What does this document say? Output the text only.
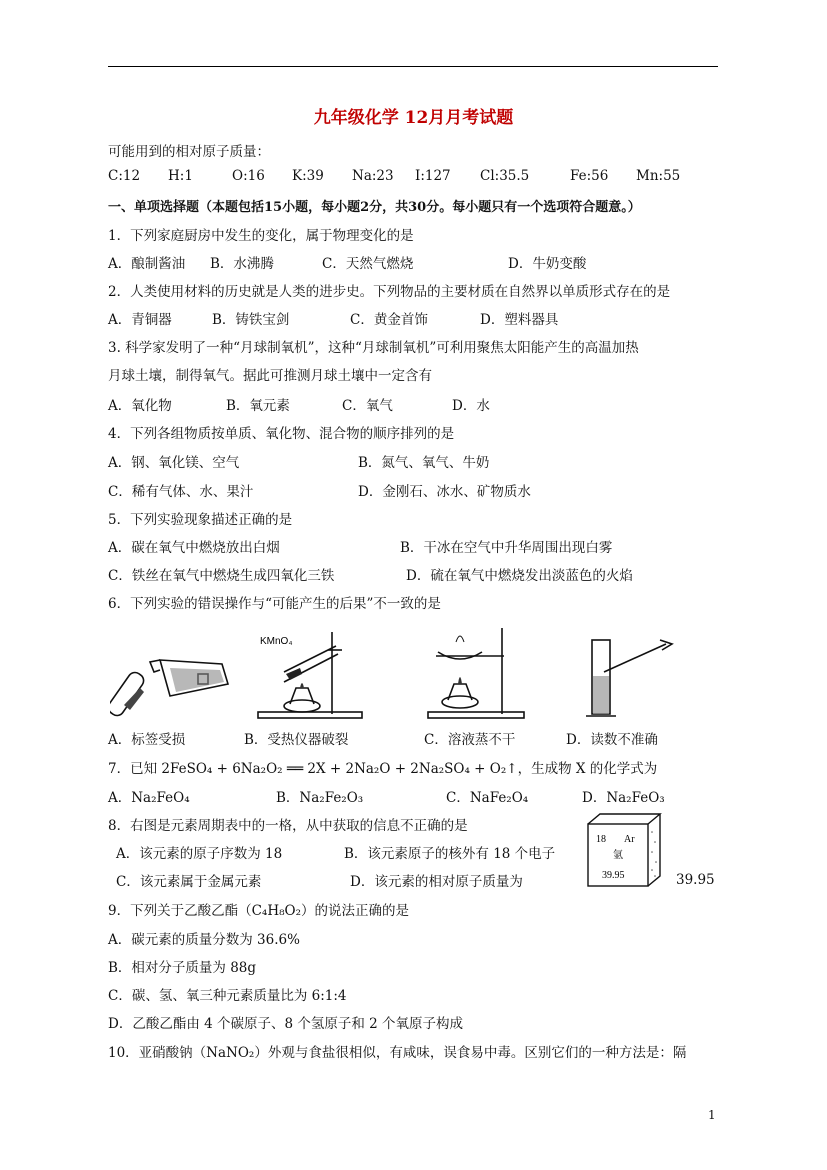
九年级化学 12月月考试题
可能用到的相对原子质量：
C:12 H:1	O:16 K:39 Na:23 I:127 Cl:35.5	Fe:56 Mn:55
一、单项选择题（本题包括15小题，每小题2分，共30分。每小题只有一个选项符合题意。）
1．下列家庭厨房中发生的变化，属于物理变化的是
A．酿制酱油 B．水沸腾	C．天然气燃烧	D．牛奶变酸
2．人类使用材料的历史就是人类的进步史。下列物品的主要材质在自然界以单质形式存在的是
A．青铜器	B．铸铁宝剑	C．黄金首饰	D．塑料器具
3. 科学家发明了一种“月球制氧机”，这种“月球制氧机”可利用聚焦太阳能产生的高温加热
月球土壤，制得氧气。据此可推测月球土壤中一定含有
A．氧化物	B．氧元素	C．氧气	D．水
4．下列各组物质按单质、氧化物、混合物的顺序排列的是
A．钢、氧化镁、空气	B．氮气、氧气、牛奶
C．稀有气体、水、果汁	D．金刚石、冰水、矿物质水
5．下列实验现象描述正确的是
A．碳在氧气中燃烧放出白烟	B．干冰在空气中升华周围出现白雾
C．铁丝在氧气中燃烧生成四氧化三铁	D．硫在氧气中燃烧发出淡蓝色的火焰
6．下列实验的错误操作与“可能产生的后果”不一致的是
KMnO₄
A．标签受损	B．受热仪器破裂	C．溶液蒸不干	D．读数不准确
7．已知 2FeSO₄ + 6Na₂O₂ ══ 2X + 2Na₂O + 2Na₂SO₄ + O₂↑，生成物 X 的化学式为
A．Na₂FeO₄	B．Na₂Fe₂O₃	C．NaFe₂O₄	D．Na₂FeO₃
8．右图是元素周期表中的一格，从中获取的信息不正确的是
A．该元素的原子序数为 18	B．该元素原子的核外有 18 个电子
C．该元素属于金属元素	D．该元素的相对原子质量为	39.95
18 Ar
氩
39.95
9．下列关于乙酸乙酯（C₄H₈O₂）的说法正确的是
A．碳元素的质量分数为 36.6%
B．相对分子质量为 88g
C．碳、氢、氧三种元素质量比为 6:1:4
D．乙酸乙酯由 4 个碳原子、8 个氢原子和 2 个氧原子构成
10．亚硝酸钠（NaNO₂）外观与食盐很相似，有咸味，误食易中毒。区别它们的一种方法是：隔
1
